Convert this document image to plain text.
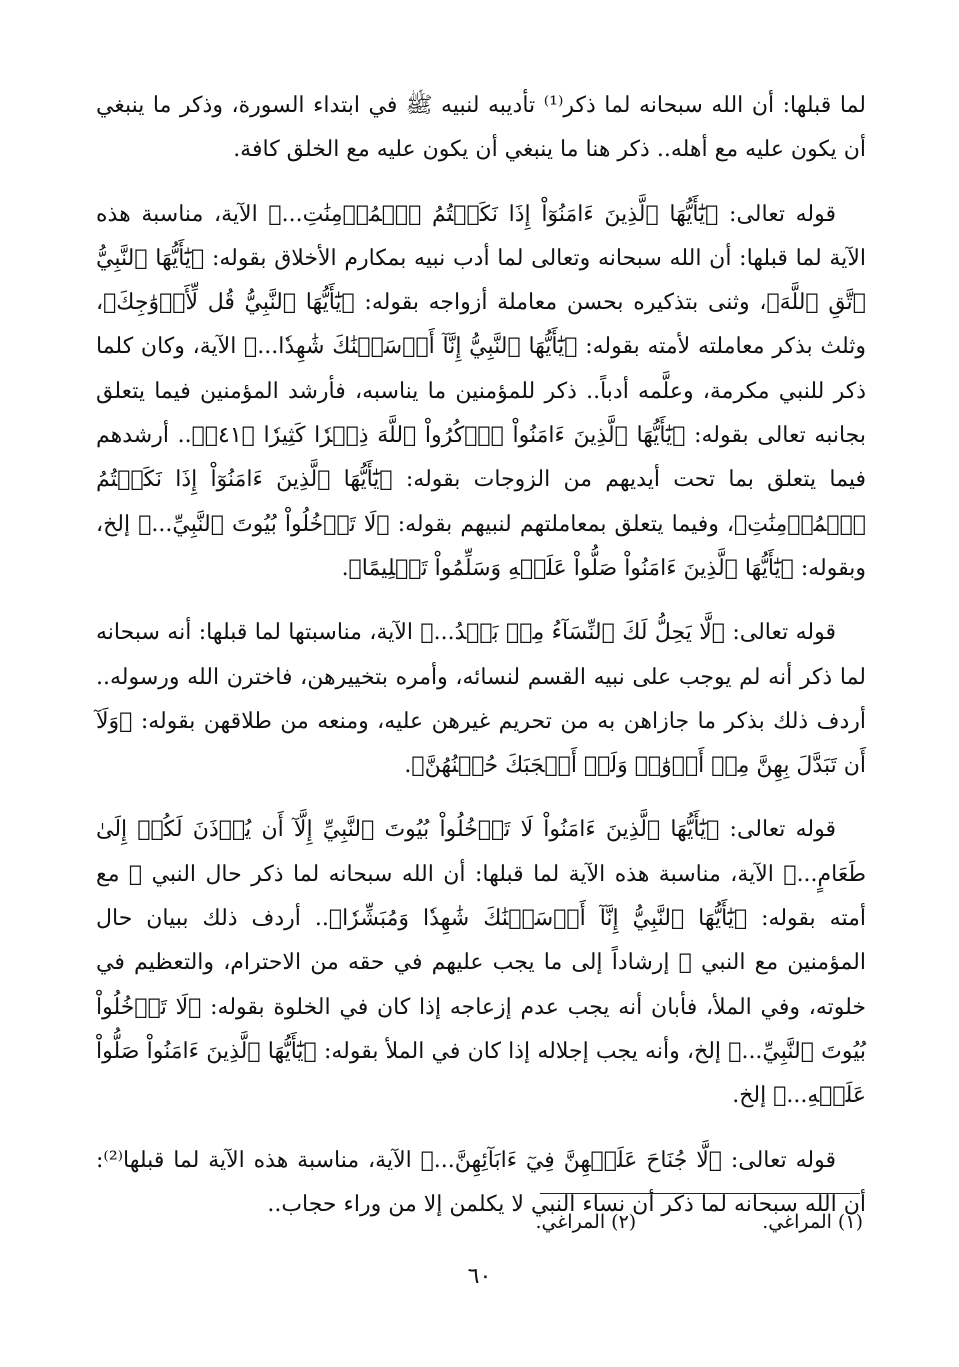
لما قبلها: أن الله سبحانه لما ذكر⁽¹⁾ تأديبه لنبيه ﷺ في ابتداء السورة، وذكر ما ينبغي أن يكون عليه مع أهله.. ذكر هنا ما ينبغي أن يكون عليه مع الخلق كافة.

قوله تعالى: ﴿يَٰٓأَيُّهَا ٱلَّذِينَ ءَامَنُوٓاْ إِذَا نَكَحۡتُمُ ٱلۡمُؤۡمِنَٰتِ...﴾ الآية، مناسبة هذه الآية لما قبلها: أن الله سبحانه وتعالى لما أدب نبيه بمكارم الأخلاق بقوله: ﴿يَٰٓأَيُّهَا ٱلنَّبِيُّ ٱتَّقِ ٱللَّهَ﴾، وثنى بتذكيره بحسن معاملة أزواجه بقوله: ﴿يَٰٓأَيُّهَا ٱلنَّبِيُّ قُل لِّأَزۡوَٰجِكَ﴾، وثلث بذكر معاملته لأمته بقوله: ﴿يَٰٓأَيُّهَا ٱلنَّبِيُّ إِنَّآ أَرۡسَلۡنَٰكَ شَٰهِدٗا...﴾ الآية، وكان كلما ذكر للنبي مكرمة، وعلَّمه أدباً.. ذكر للمؤمنين ما يناسبه، فأرشد المؤمنين فيما يتعلق بجانبه تعالى بقوله: ﴿يَٰٓأَيُّهَا ٱلَّذِينَ ءَامَنُواْ ٱذۡكُرُواْ ٱللَّهَ ذِكۡرٗا كَثِيرٗا ﴿٤١﴾﴾.. أرشدهم فيما يتعلق بما تحت أيديهم من الزوجات بقوله: ﴿يَٰٓأَيُّهَا ٱلَّذِينَ ءَامَنُوٓاْ إِذَا نَكَحۡتُمُ ٱلۡمُؤۡمِنَٰتِ﴾، وفيما يتعلق بمعاملتهم لنبيهم بقوله: ﴿لَا تَدۡخُلُواْ بُيُوتَ ٱلنَّبِيِّ...﴾ إلخ، وبقوله: ﴿يَٰٓأَيُّهَا ٱلَّذِينَ ءَامَنُواْ صَلُّواْ عَلَيۡهِ وَسَلِّمُواْ تَسۡلِيمًا﴾.

قوله تعالى: ﴿لَّا يَحِلُّ لَكَ ٱلنِّسَآءُ مِنۢ بَعۡدُ...﴾ الآية، مناسبتها لما قبلها: أنه سبحانه لما ذكر أنه لم يوجب على نبيه القسم لنسائه، وأمره بتخييرهن، فاخترن الله ورسوله.. أردف ذلك بذكر ما جازاهن به من تحريم غيرهن عليه، ومنعه من طلاقهن بقوله: ﴿وَلَآ أَن تَبَدَّلَ بِهِنَّ مِنۡ أَزۡوَٰجٖ وَلَوۡ أَعۡجَبَكَ حُسۡنُهُنَّ﴾.

قوله تعالى: ﴿يَٰٓأَيُّهَا ٱلَّذِينَ ءَامَنُواْ لَا تَدۡخُلُواْ بُيُوتَ ٱلنَّبِيِّ إِلَّآ أَن يُؤۡذَنَ لَكُمۡ إِلَىٰ طَعَامٍ...﴾ الآية، مناسبة هذه الآية لما قبلها: أن الله سبحانه لما ذكر حال النبي ﷺ مع أمته بقوله: ﴿يَٰٓأَيُّهَا ٱلنَّبِيُّ إِنَّآ أَرۡسَلۡنَٰكَ شَٰهِدٗا وَمُبَشِّرٗا﴾.. أردف ذلك ببيان حال المؤمنين مع النبي ﷺ إرشاداً إلى ما يجب عليهم في حقه من الاحترام، والتعظيم في خلوته، وفي الملأ، فأبان أنه يجب عدم إزعاجه إذا كان في الخلوة بقوله: ﴿لَا تَدۡخُلُواْ بُيُوتَ ٱلنَّبِيِّ...﴾ إلخ، وأنه يجب إجلاله إذا كان في الملأ بقوله: ﴿يَٰٓأَيُّهَا ٱلَّذِينَ ءَامَنُواْ صَلُّواْ عَلَيۡهِ...﴾ إلخ.

قوله تعالى: ﴿لَّا جُنَاحَ عَلَيۡهِنَّ فِيٓ ءَابَآئِهِنَّ...﴾ الآية، مناسبة هذه الآية لما قبلها⁽²⁾: أن الله سبحانه لما ذكر أن نساء النبي لا يكلمن إلا من وراء حجاب..

(١) المراغي. (٢) المراغي.
٦٠
